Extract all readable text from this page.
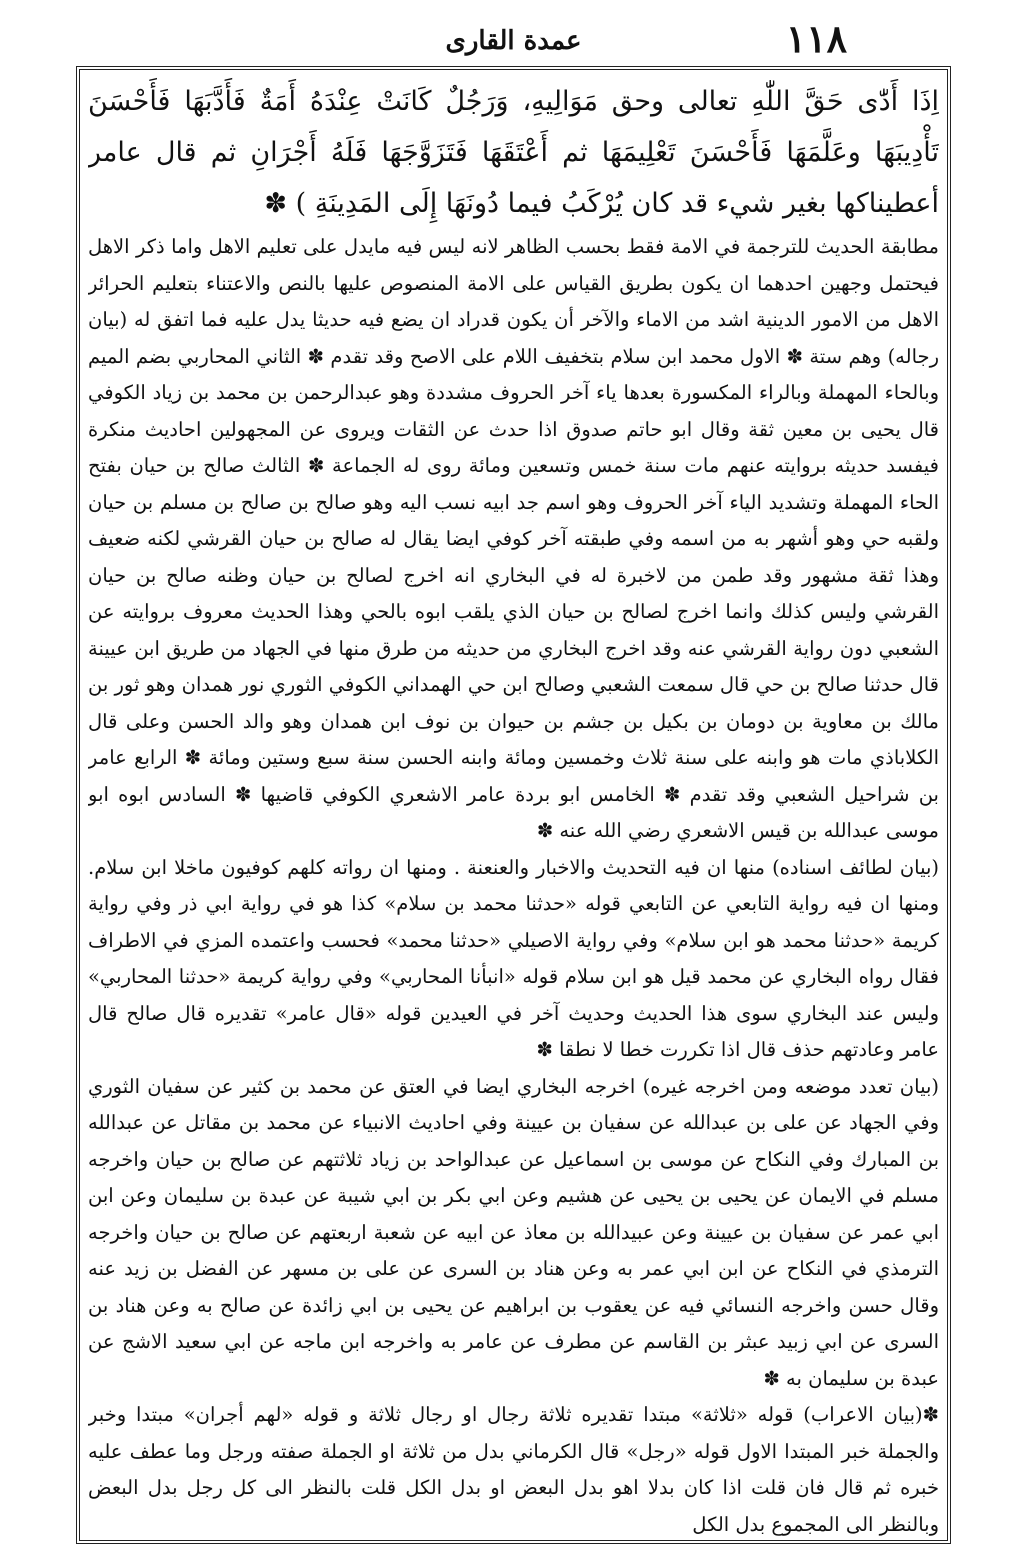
١١٨
عمدة القارى

اِذَا أَدّٰى حَقَّ اللّٰهِ تعالى وحق مَوَالِيهِ، وَرَجُلٌ كَانَتْ عِنْدَهُ أَمَةٌ فَأَدَّبَهَا فَأَحْسَنَ تَأْدِيبَهَا وعَلَّمَهَا فَأَحْسَنَ تَعْلِيمَهَا ثم أَعْتَقَهَا فَتَزَوَّجَهَا فَلَهُ أَجْرَانِ ثم قال عامر أعطيناكها بغير شيء قد كان يُرْكَبُ فيما دُونَهَا إِلَى المَدِينَةِ ) ✽

مطابقة الحديث للترجمة في الامة فقط بحسب الظاهر لانه ليس فيه مايدل على تعليم الاهل واما ذكر الاهل فيحتمل وجهين احدهما ان يكون بطريق القياس على الامة المنصوص عليها بالنص والاعتناء بتعليم الحرائر الاهل من الامور الدينية اشد من الاماء والآخر أن يكون قدراد ان يضع فيه حديثا يدل عليه فما اتفق له (بيان رجاله) وهم ستة ✽ الاول محمد ابن سلام بتخفيف اللام على الاصح وقد تقدم ✽ الثاني المحاربي بضم الميم وبالحاء المهملة وبالراء المكسورة بعدها ياء آخر الحروف مشددة وهو عبدالرحمن بن محمد بن زياد الكوفي قال يحيى بن معين ثقة وقال ابو حاتم صدوق اذا حدث عن الثقات ويروى عن المجهولين احاديث منكرة فيفسد حديثه بروايته عنهم مات سنة خمس وتسعين ومائة روى له الجماعة ✽ الثالث صالح بن حيان بفتح الحاء المهملة وتشديد الياء آخر الحروف وهو اسم جد ابيه نسب اليه وهو صالح بن صالح بن مسلم بن حيان ولقبه حي وهو أشهر به من اسمه وفي طبقته آخر كوفي ايضا يقال له صالح بن حيان القرشي لكنه ضعيف وهذا ثقة مشهور وقد طمن من لاخبرة له في البخاري انه اخرج لصالح بن حيان وظنه صالح بن حيان القرشي وليس كذلك وانما اخرج لصالح بن حيان الذي يلقب ابوه بالحي وهذا الحديث معروف بروايته عن الشعبي دون رواية القرشي عنه وقد اخرج البخاري من حديثه من طرق منها في الجهاد من طريق ابن عيينة قال حدثنا صالح بن حي قال سمعت الشعبي وصالح ابن حي الهمداني الكوفي الثوري نور همدان وهو ثور بن مالك بن معاوية بن دومان بن بكيل بن جشم بن حيوان بن نوف ابن همدان وهو والد الحسن وعلى قال الكلاباذي مات هو وابنه على سنة ثلاث وخمسين ومائة وابنه الحسن سنة سبع وستين ومائة ✽ الرابع عامر بن شراحيل الشعبي وقد تقدم ✽ الخامس ابو بردة عامر الاشعري الكوفي قاضيها ✽ السادس ابوه ابو موسى عبدالله بن قيس الاشعري رضي الله عنه ✽

(بيان لطائف اسناده) منها ان فيه التحديث والاخبار والعنعنة . ومنها ان رواته كلهم كوفيون ماخلا ابن سلام. ومنها ان فيه رواية التابعي عن التابعي قوله «حدثنا محمد بن سلام» كذا هو في رواية ابي ذر وفي رواية كريمة «حدثنا محمد هو ابن سلام» وفي رواية الاصيلي «حدثنا محمد» فحسب واعتمده المزي في الاطراف فقال رواه البخاري عن محمد قيل هو ابن سلام قوله «انبأنا المحاربي» وفي رواية كريمة «حدثنا المحاربي» وليس عند البخاري سوى هذا الحديث وحديث آخر في العيدين قوله «قال عامر» تقديره قال صالح قال عامر وعادتهم حذف قال اذا تكررت خطا لا نطقا ✽

(بيان تعدد موضعه ومن اخرجه غيره) اخرجه البخاري ايضا في العتق عن محمد بن كثير عن سفيان الثوري وفي الجهاد عن على بن عبدالله عن سفيان بن عيينة وفي احاديث الانبياء عن محمد بن مقاتل عن عبدالله بن المبارك وفي النكاح عن موسى بن اسماعيل عن عبدالواحد بن زياد ثلاثتهم عن صالح بن حيان واخرجه مسلم في الايمان عن يحيى بن يحيى عن هشيم وعن ابي بكر بن ابي شيبة عن عبدة بن سليمان وعن ابن ابي عمر عن سفيان بن عيينة وعن عبيدالله بن معاذ عن ابيه عن شعبة اربعتهم عن صالح بن حيان واخرجه الترمذي في النكاح عن ابن ابي عمر به وعن هناد بن السرى عن على بن مسهر عن الفضل بن زيد عنه وقال حسن واخرجه النسائي فيه عن يعقوب بن ابراهيم عن يحيى بن ابي زائدة عن صالح به وعن هناد بن السرى عن ابي زبيد عبثر بن القاسم عن مطرف عن عامر به واخرجه ابن ماجه عن ابي سعيد الاشج عن عبدة بن سليمان به ✽

✽(بيان الاعراب) قوله «ثلاثة» مبتدا تقديره ثلاثة رجال او رجال ثلاثة و قوله «لهم أجران» مبتدا وخبر والجملة خبر المبتدا الاول قوله «رجل» قال الكرماني بدل من ثلاثة او الجملة صفته ورجل وما عطف عليه خبره ثم قال فان قلت اذا كان بدلا اهو بدل البعض او بدل الكل قلت بالنظر الى كل رجل بدل البعض وبالنظر الى المجموع بدل الكل
